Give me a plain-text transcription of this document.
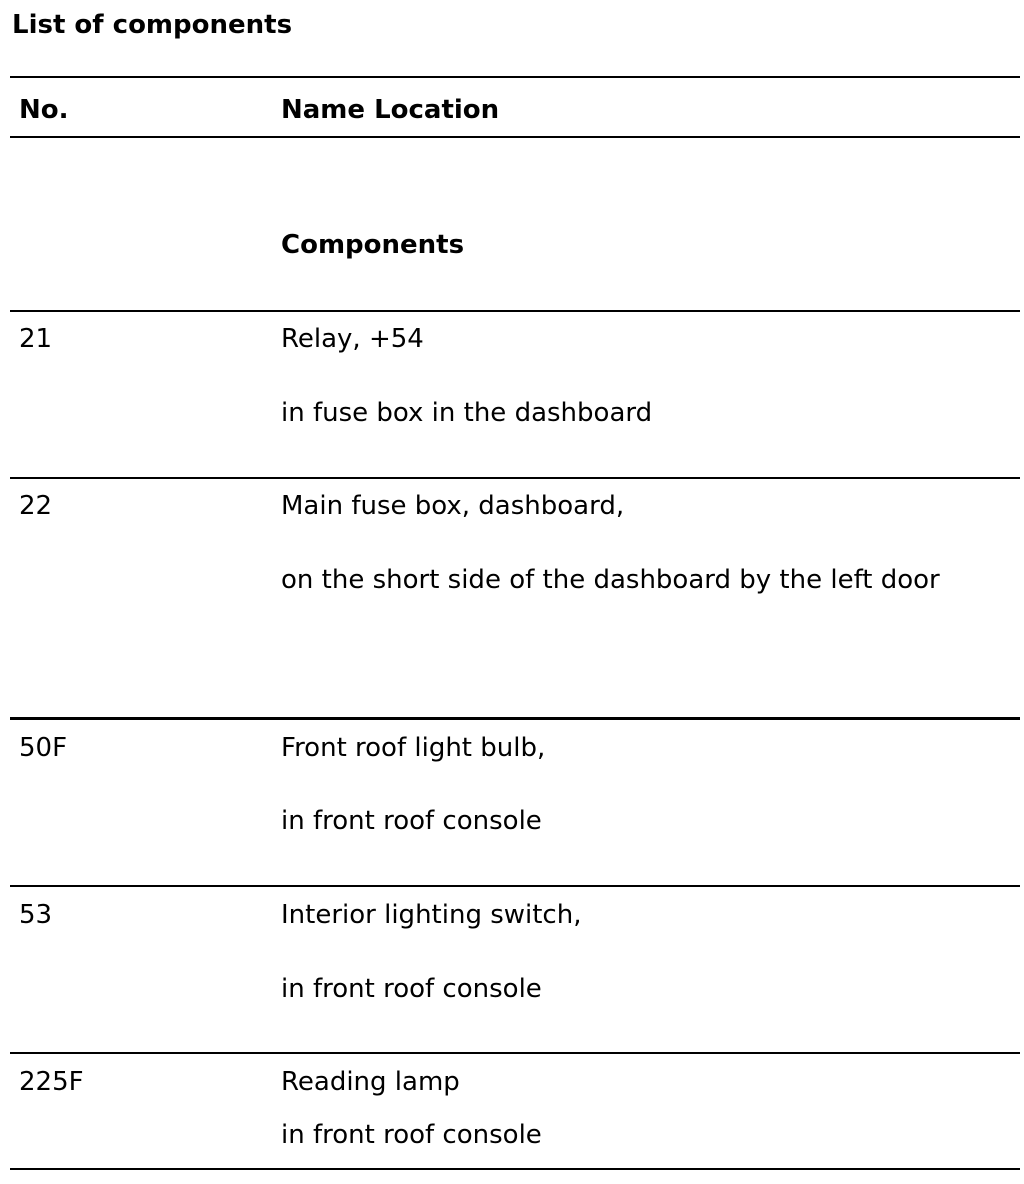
List of components
No.	Name Location
Components
21	Relay, +54
in fuse box in the dashboard
22	Main fuse box, dashboard,
on the short side of the dashboard by the left door
50F	Front roof light bulb,
in front roof console
53	Interior lighting switch,
in front roof console
225F	Reading lamp
in front roof console
